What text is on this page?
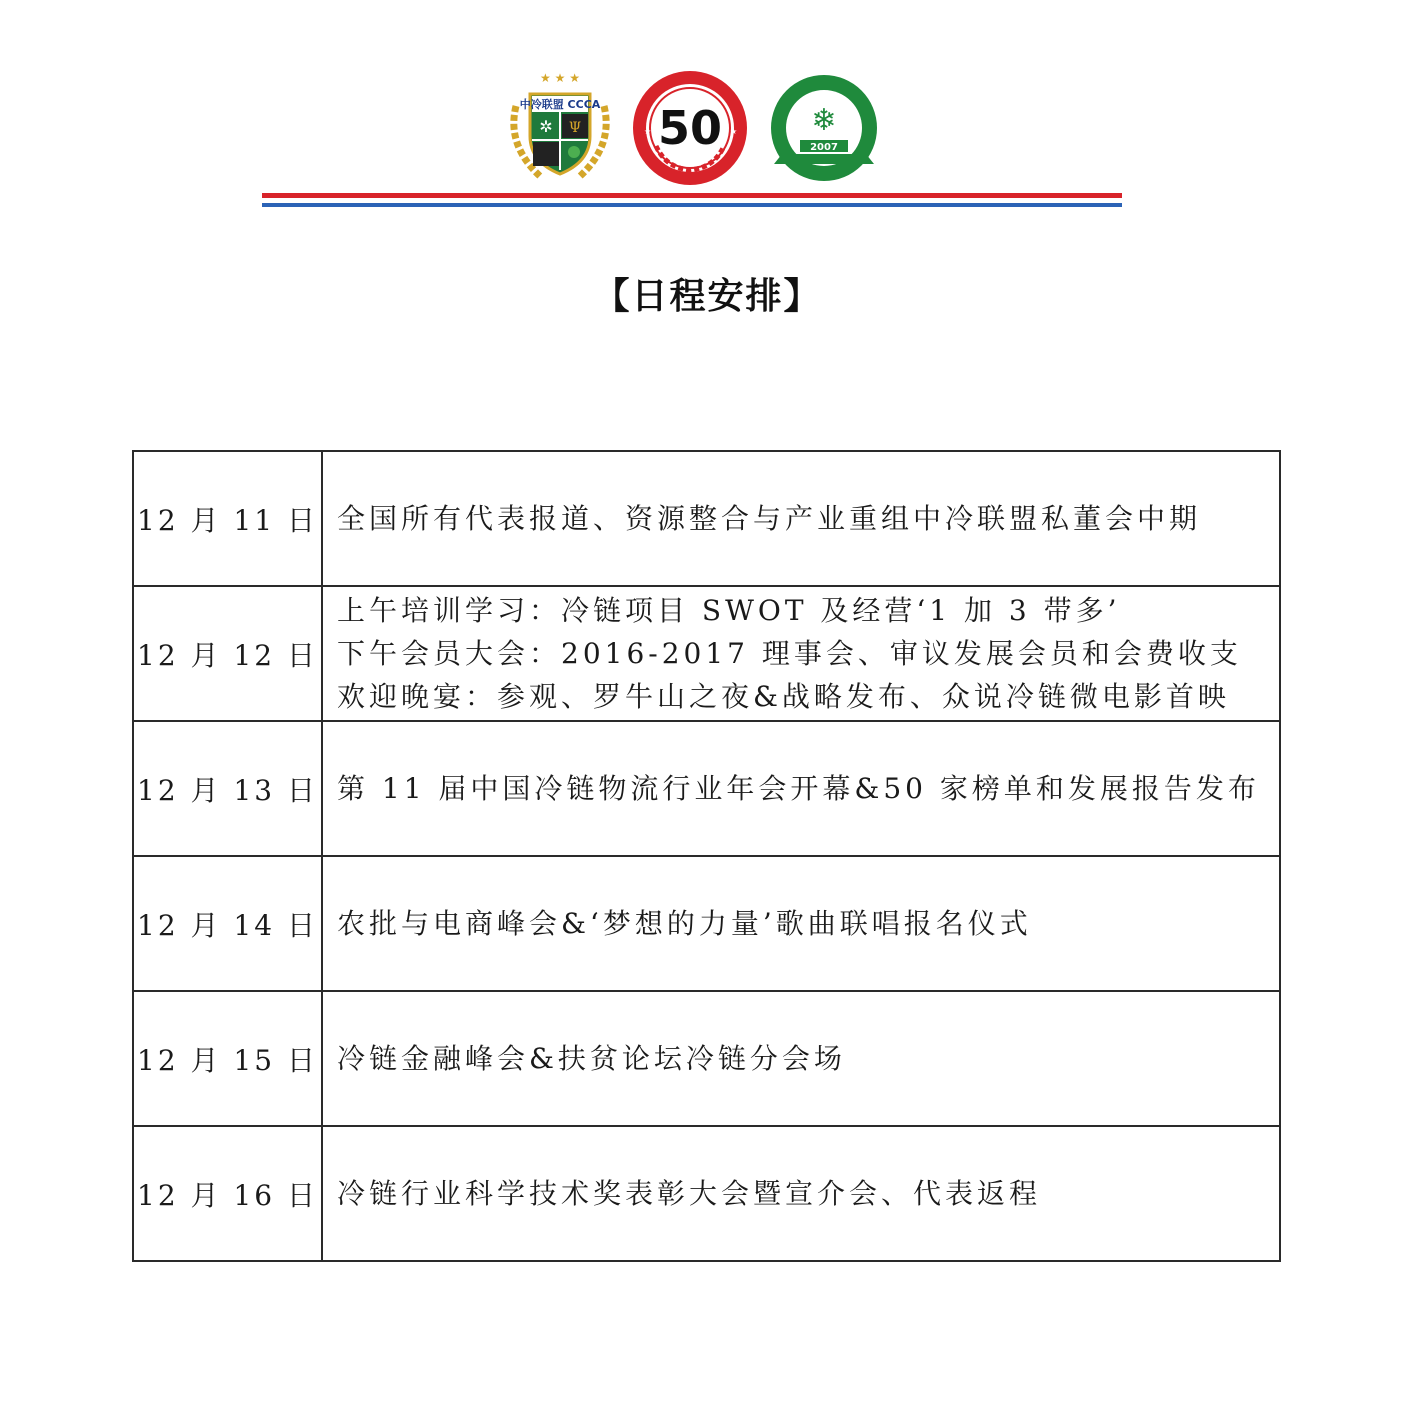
★ ★ ★
中冷联盟 CCCA
✲ Ψ 50
★	★ ❄
2007
【日程安排】
12 月 11 日	全国所有代表报道、资源整合与产业重组中冷联盟私董会中期

12 月 12 日	上午培训学习：冷链项目 SWOT 及经营‘1 加 3 带多’
下午会员大会：2016-2017 理事会、审议发展会员和会费收支
欢迎晚宴：参观、罗牛山之夜&战略发布、众说冷链微电影首映

12 月 13 日	第 11 届中国冷链物流行业年会开幕&50 家榜单和发展报告发布

12 月 14 日	农批与电商峰会&‘梦想的力量’歌曲联唱报名仪式

12 月 15 日	冷链金融峰会&扶贫论坛冷链分会场

12 月 16 日	冷链行业科学技术奖表彰大会暨宣介会、代表返程
